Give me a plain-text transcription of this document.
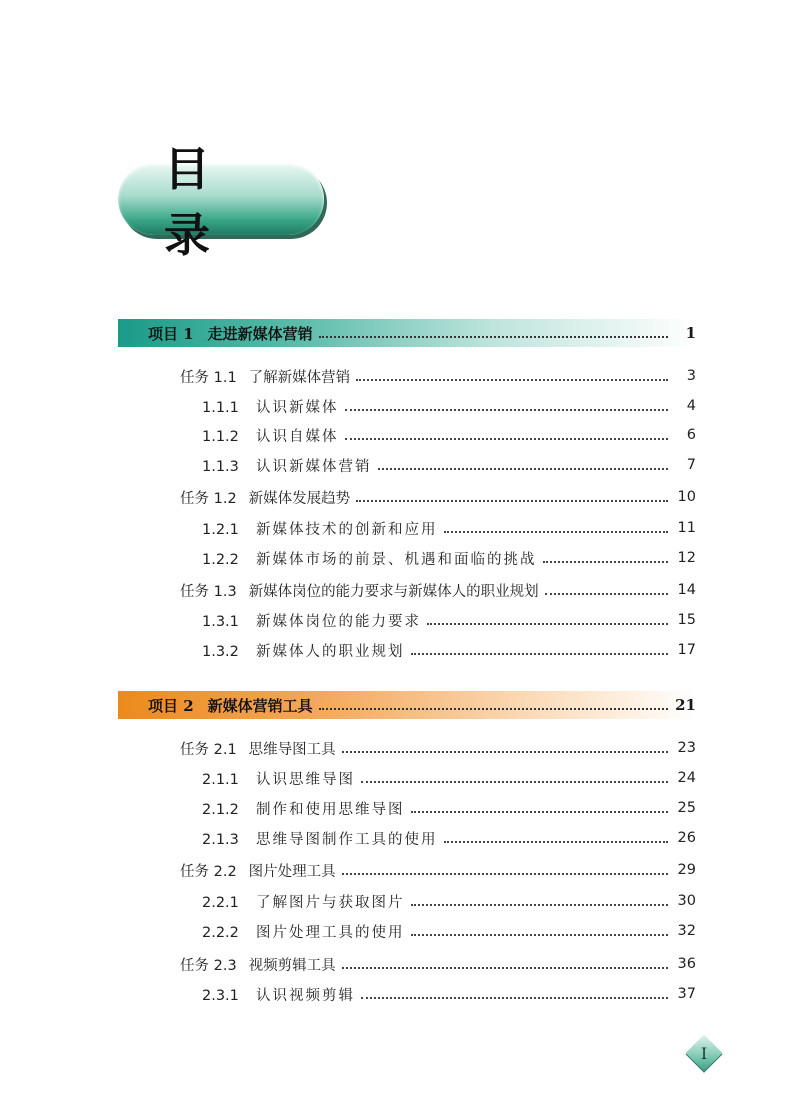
目 录
项目 1 走进新媒体营销	1
任务 1.1 了解新媒体营销	3
1.1.1 认识新媒体	4
1.1.2 认识自媒体	6
1.1.3 认识新媒体营销	7
任务 1.2 新媒体发展趋势	10
1.2.1 新媒体技术的创新和应用	11
1.2.2 新媒体市场的前景、机遇和面临的挑战	12
任务 1.3 新媒体岗位的能力要求与新媒体人的职业规划	14
1.3.1 新媒体岗位的能力要求	15
1.3.2 新媒体人的职业规划	17
项目 2 新媒体营销工具	21
任务 2.1 思维导图工具	23
2.1.1 认识思维导图	24
2.1.2 制作和使用思维导图	25
2.1.3 思维导图制作工具的使用	26
任务 2.2 图片处理工具	29
2.2.1 了解图片与获取图片	30
2.2.2 图片处理工具的使用	32
任务 2.3 视频剪辑工具	36
2.3.1 认识视频剪辑	37
I
